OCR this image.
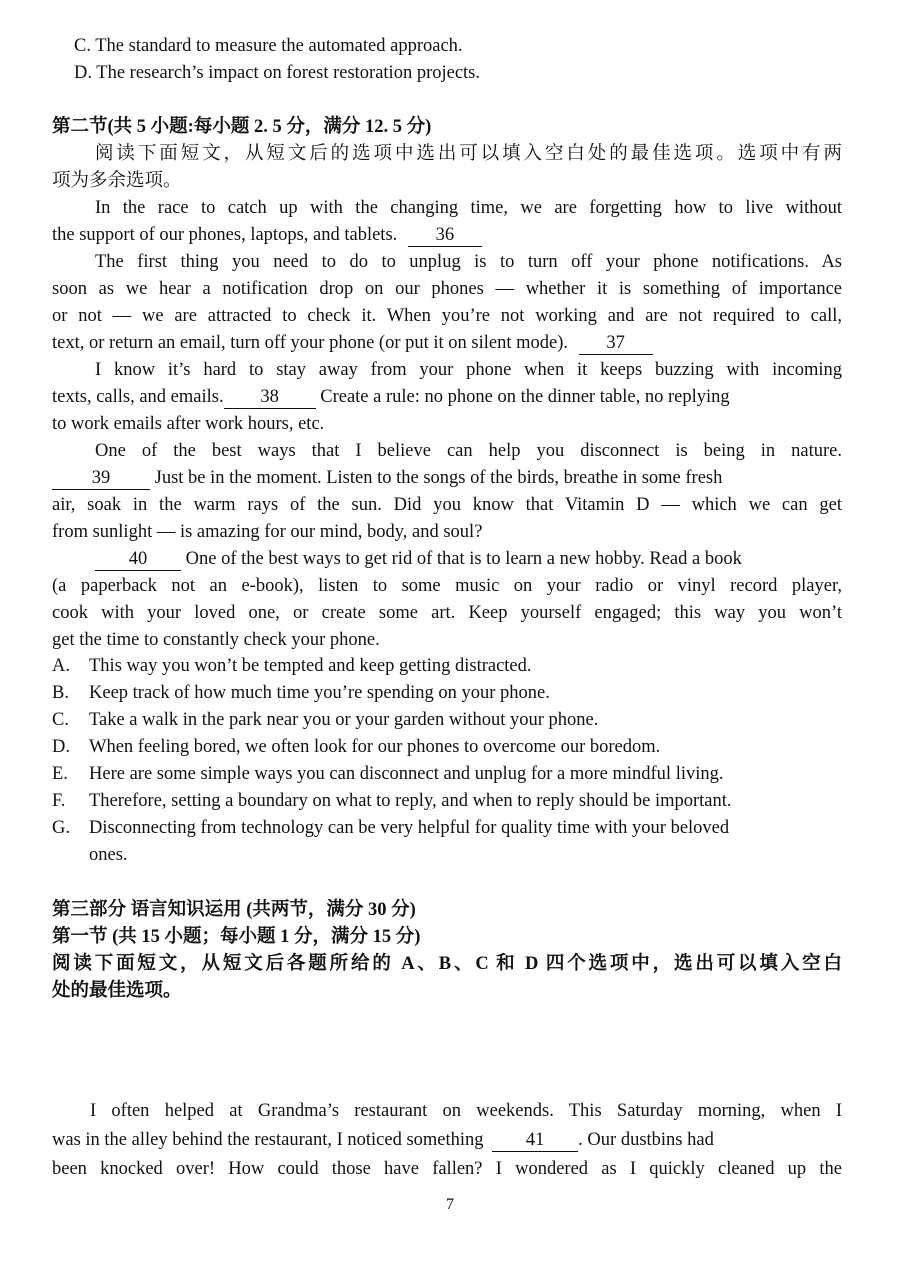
C. The standard to measure the automated approach.
D. The research’s impact on forest restoration projects.
第二节(共 5 小题:每小题 2. 5 分，满分 12. 5 分)
阅读下面短文，从短文后的选项中选出可以填入空白处的最佳选项。选项中有两
项为多余选项。
In the race to catch up with the changing time, we are forgetting how to live without
the support of our phones, laptops, and tablets. 36
The first thing you need to do to unplug is to turn off your phone notifications. As
soon as we hear a notification drop on our phones — whether it is something of importance
or not — we are attracted to check it. When you’re not working and are not required to call,
text, or return an email, turn off your phone (or put it on silent mode). 37
I know it’s hard to stay away from your phone when it keeps buzzing with incoming
texts, calls, and emails. 38 Create a rule: no phone on the dinner table, no replying
to work emails after work hours, etc.
One of the best ways that I believe can help you disconnect is being in nature.
39 Just be in the moment. Listen to the songs of the birds, breathe in some fresh
air, soak in the warm rays of the sun. Did you know that Vitamin D — which we can get
from sunlight — is amazing for our mind, body, and soul?
40 One of the best ways to get rid of that is to learn a new hobby. Read a book
(a paperback not an e-book), listen to some music on your radio or vinyl record player,
cook with your loved one, or create some art. Keep yourself engaged; this way you won’t
get the time to constantly check your phone.
A. This way you won’t be tempted and keep getting distracted.
B. Keep track of how much time you’re spending on your phone.
C. Take a walk in the park near you or your garden without your phone.
D. When feeling bored, we often look for our phones to overcome our boredom.
E. Here are some simple ways you can disconnect and unplug for a more mindful living.
F. Therefore, setting a boundary on what to reply, and when to reply should be important.
G. Disconnecting from technology can be very helpful for quality time with your beloved
ones.
第三部分 语言知识运用 (共两节，满分 30 分)
第一节 (共 15 小题；每小题 1 分，满分 15 分)
阅读下面短文，从短文后各题所给的 A、B、C 和 D 四个选项中，选出可以填入空白
处的最佳选项。
I often helped at Grandma’s restaurant on weekends. This Saturday morning, when I
was in the alley behind the restaurant, I noticed something 41 . Our dustbins had
been knocked over! How could those have fallen? I wondered as I quickly cleaned up the
7
